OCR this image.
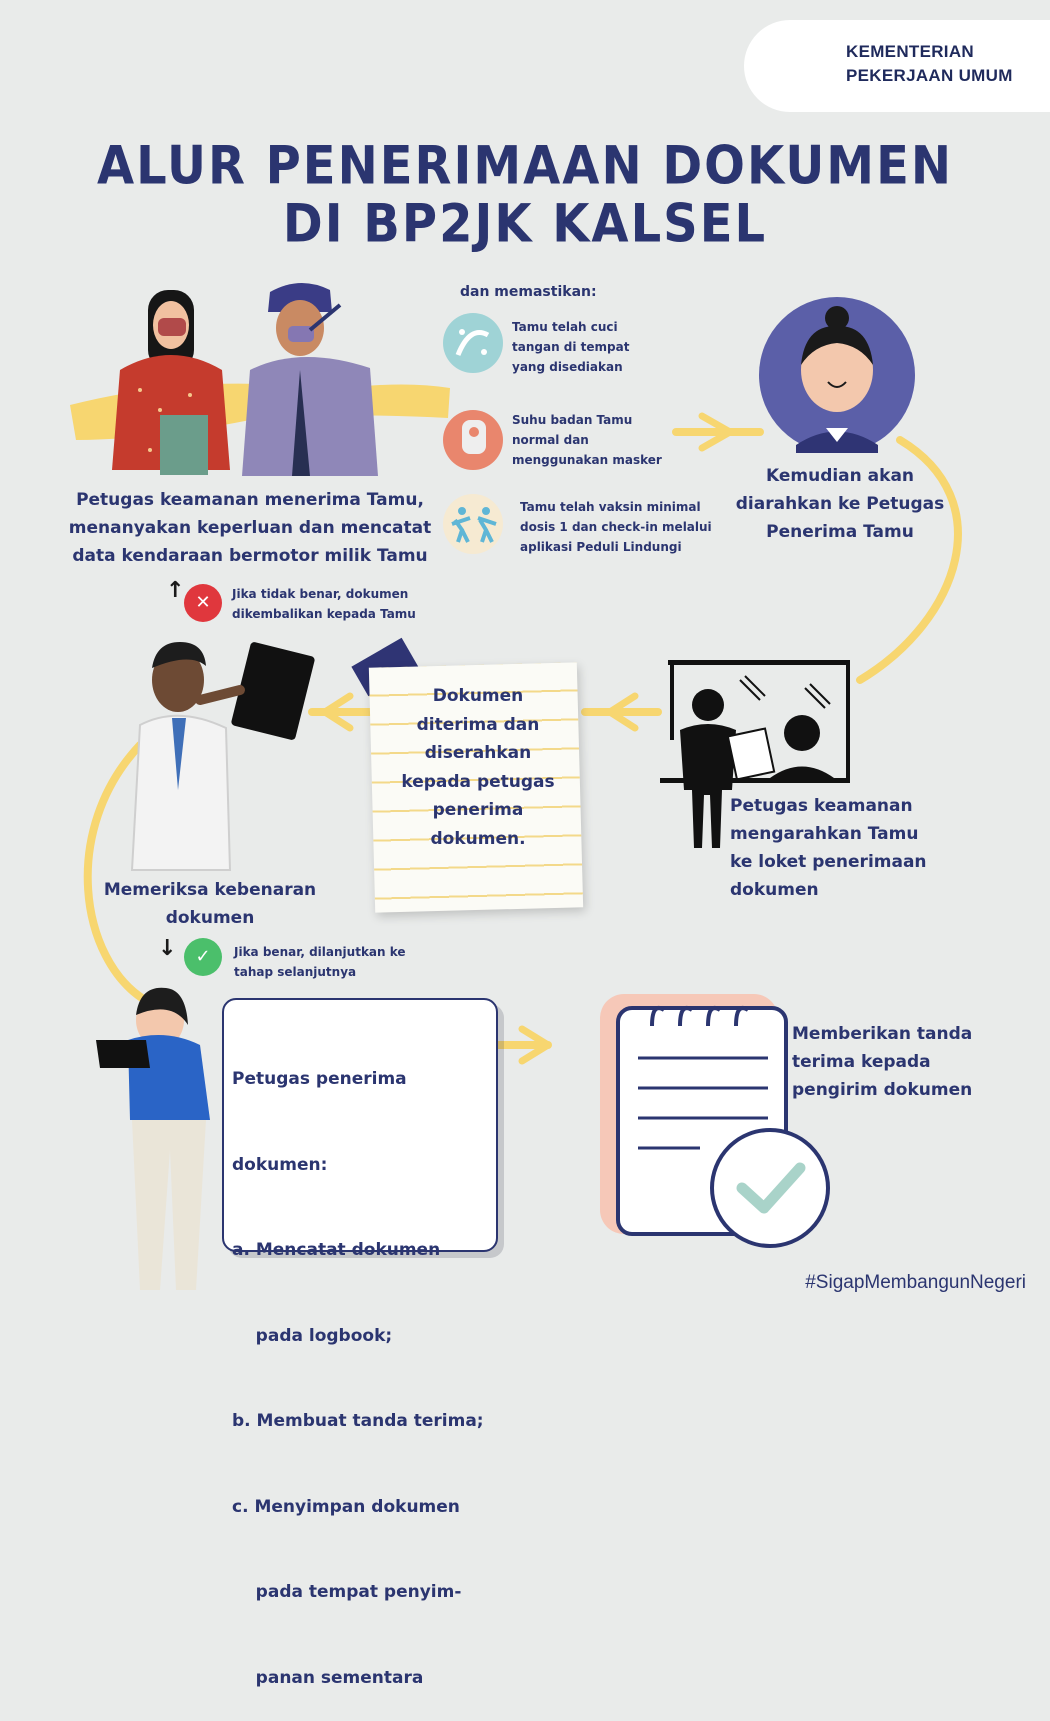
KEMENTERIAN
PEKERJAAN UMUM
ALUR PENERIMAAN DOKUMEN
DI BP2JK KALSEL
Petugas keamanan menerima Tamu,
menanyakan keperluan dan mencatat
data kendaraan bermotor milik Tamu
dan memastikan:
Tamu telah cuci
tangan di tempat
yang disediakan
Suhu badan Tamu
normal dan
menggunakan masker
Tamu telah vaksin minimal
dosis 1 dan check-in melalui
aplikasi Peduli Lindungi
Kemudian akan
diarahkan ke Petugas
Penerima Tamu
↑ ✕	Jika tidak benar, dokumen
dikembalikan kepada Tamu
Dokumen
diterima dan
diserahkan
kepada petugas
penerima
dokumen.
Petugas keamanan
mengarahkan Tamu
ke loket penerimaan
dokumen
Memeriksa kebenaran
dokumen
↓	✓	Jika benar, dilanjutkan ke
tahap selanjutnya

Petugas penerima

dokumen:

a. Mencatat dokumen

pada logbook;

b. Membuat tanda terima;

c. Menyimpan dokumen

pada tempat penyim-

panan sementara

Memberikan tanda
terima kepada
pengirim dokumen
#SigapMembangunNegeri
